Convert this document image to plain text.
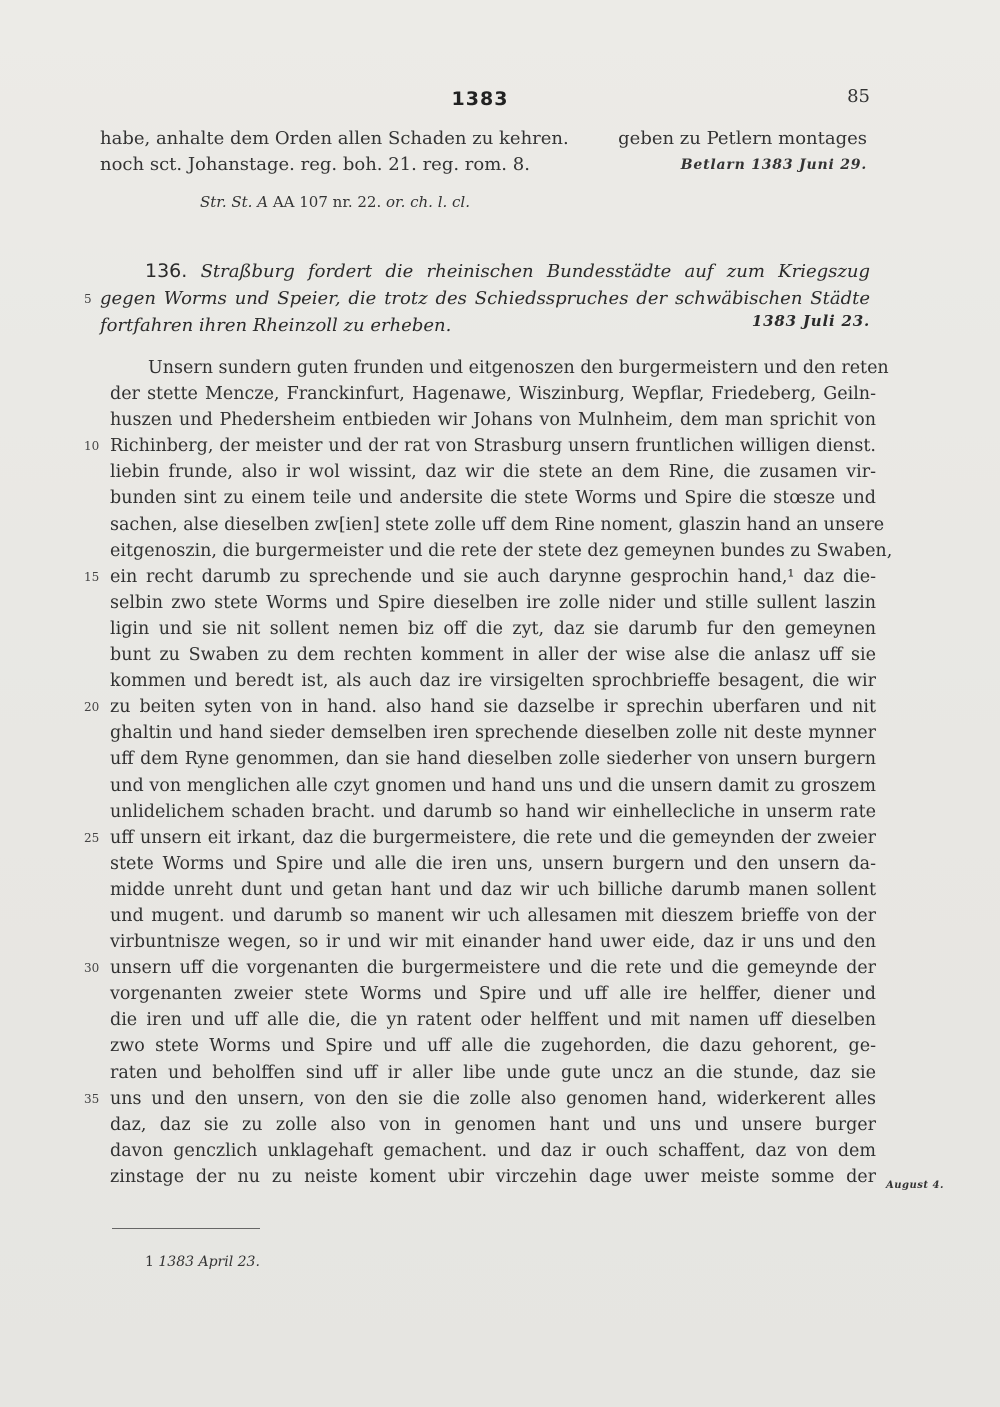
1383	85
habe, anhalte dem Orden allen Schaden zu kehren.
noch sct. Johanstage. reg. boh. 21. reg. rom. 8.
geben zu Petlern montages
Betlarn 1383 Juni 29.
Str. St. A AA 107 nr. 22. or. ch. l. cl.
136. Straßburg fordert die rheinischen Bundesstädte auf zum Kriegszug gegen Worms und Speier, die trotz des Schiedsspruches der schwäbischen Städte fortfahren ihren Rheinzoll zu erheben.	1383 Juli 23.
Unsern sundern guten frunden und eitgenoszen den burgermeistern und den reten
der stette Mencze, Franckinfurt, Hagenawe, Wiszinburg, Wepflar, Friedeberg, Geiln-
huszen und Phedersheim entbieden wir Johans von Mulnheim, dem man sprichit von
Richinberg, der meister und der rat von Strasburg unsern fruntlichen willigen dienst.
liebin frunde, also ir wol wissint, daz wir die stete an dem Rine, die zusamen vir-
bunden sint zu einem teile und andersite die stete Worms und Spire die stœsze und
sachen, alse dieselben zw[ien] stete zolle uff dem Rine noment, glaszin hand an unsere
eitgenoszin, die burgermeister und die rete der stete dez gemeynen bundes zu Swaben,
ein recht darumb zu sprechende und sie auch darynne gesprochin hand,¹ daz die-
selbin zwo stete Worms und Spire dieselben ire zolle nider und stille sullent laszin
ligin und sie nit sollent nemen biz off die zyt, daz sie darumb fur den gemeynen
bunt zu Swaben zu dem rechten komment in aller der wise alse die anlasz uff sie
kommen und beredt ist, als auch daz ire virsigelten sprochbrieffe besagent, die wir
zu beiten syten von in hand. also hand sie dazselbe ir sprechin uberfaren und nit
ghaltin und hand sieder demselben iren sprechende dieselben zolle nit deste mynner
uff dem Ryne genommen, dan sie hand dieselben zolle siederher von unsern burgern
und von menglichen alle czyt gnomen und hand uns und die unsern damit zu groszem
unlidelichem schaden bracht. und darumb so hand wir einhellecliche in unserm rate
uff unsern eit irkant, daz die burgermeistere, die rete und die gemeynden der zweier
stete Worms und Spire und alle die iren uns, unsern burgern und den unsern da-
midde unreht dunt und getan hant und daz wir uch billiche darumb manen sollent
und mugent. und darumb so manent wir uch allesamen mit dieszem brieffe von der
virbuntnisze wegen, so ir und wir mit einander hand uwer eide, daz ir uns und den
unsern uff die vorgenanten die burgermeistere und die rete und die gemeynde der
vorgenanten zweier stete Worms und Spire und uff alle ire helffer, diener und
die iren und uff alle die, die yn ratent oder helffent und mit namen uff dieselben
zwo stete Worms und Spire und uff alle die zugehorden, die dazu gehorent, ge-
raten und beholffen sind uff ir aller libe unde gute uncz an die stunde, daz sie
uns und den unsern, von den sie die zolle also genomen hand, widerkerent alles
daz, daz sie zu zolle also von in genomen hant und uns und unsere burger
davon genczlich unklagehaft gemachent. und daz ir ouch schaffent, daz von dem
zinstage der nu zu neiste koment ubir virczehin dage uwer meiste somme der
5
10
15
20
25
30
35
August 4.
1 1383 April 23.
